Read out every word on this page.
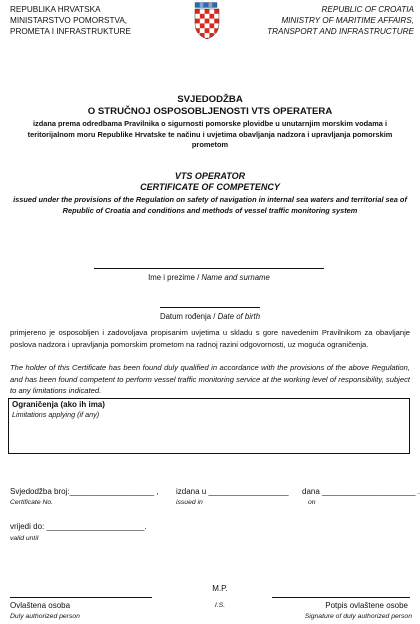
REPUBLIKA HRVATSKA
MINISTARSTVO POMORSTVA,
PROMETA I INFRASTRUKTURE
REPUBLIC OF CROATIA
MINISTRY OF MARITIME AFFAIRS,
TRANSPORT AND INFRASTRUCTURE
SVJEDODŽBA
O STRUČNOJ OSPOSOBLJENOSTI VTS OPERATERA
izdana prema odredbama Pravilnika o sigurnosti pomorske plovidbe u unutarnjim morskim vodama i teritorijalnom moru Republike Hrvatske te načinu i uvjetima obavljanja nadzora i upravljanja pomorskim prometom
VTS OPERATOR
CERTIFICATE OF COMPETENCY
issued under the provisions of the Regulation on safety of navigation in internal sea waters and territorial sea of Republic of Croatia and conditions and methods of vessel traffic monitoring system
Ime i prezime / Name and surname
Datum rođenja / Date of birth
primjereno je osposobljen i zadovoljava propisanim uvjetima u skladu s gore navedenim Pravilnikom za obavljanje poslova nadzora i upravljanja pomorskim prometom na radnoj razini odgovornosti, uz moguća ograničenja.
The holder of this Certificate has been found duly qualified in accordance with the provisions of the above Regulation, and has been found competent to perform vessel traffic monitoring service at the working level of responsibility, subject to any limitations indicated.
Ograničenja (ako ih ima)
Limitations applying (if any)
Svjedodžba broj:___________________ ,
Certificate No.
izdana u __________________
issued in
dana _____________________ .
on
vrijedi do: ______________________.
valid until
M.P.
Ovlaštena osoba
Duly authorized person
I.S.	Potpis ovlaštene osobe
Signature of duly authorized person
